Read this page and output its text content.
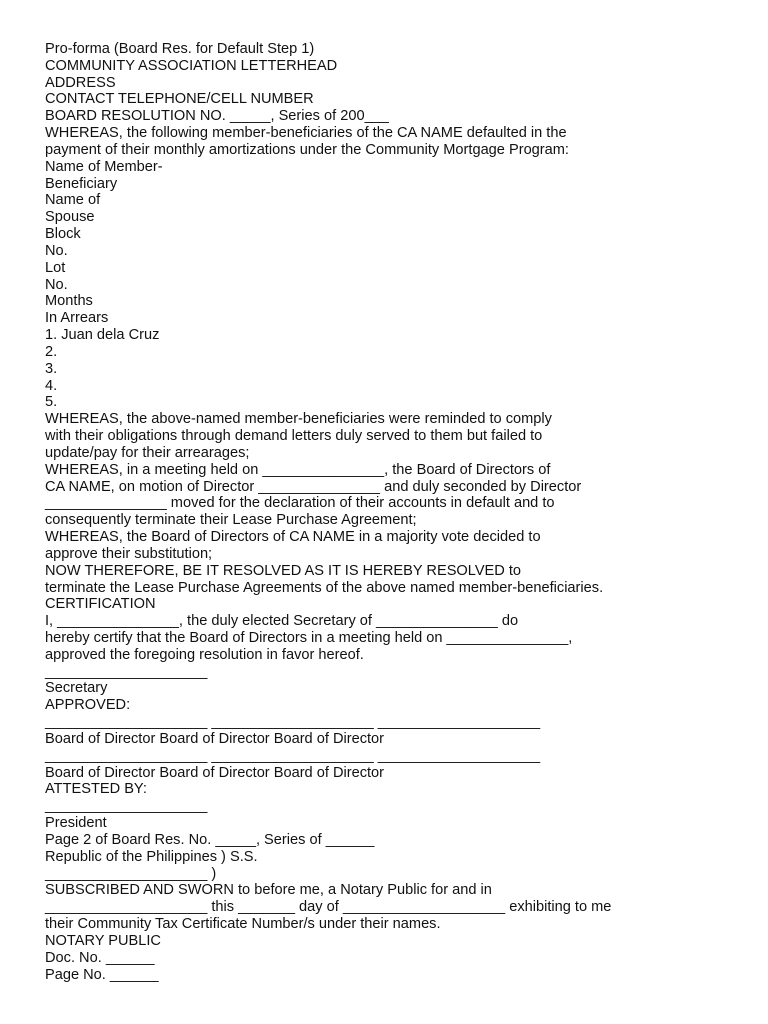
Pro-forma (Board Res. for Default Step 1)
COMMUNITY ASSOCIATION LETTERHEAD
ADDRESS
CONTACT TELEPHONE/CELL NUMBER
BOARD RESOLUTION NO. _____, Series of 200___
WHEREAS, the following member-beneficiaries of the CA NAME defaulted in the
payment of their monthly amortizations under the Community Mortgage Program:
Name of Member-
Beneficiary
Name of
Spouse
Block
No.
Lot
No.
Months
In Arrears
1. Juan dela Cruz
2.
3.
4.
5.
WHEREAS, the above-named member-beneficiaries were reminded to comply
with their obligations through demand letters duly served to them but failed to
update/pay for their arrearages;
WHEREAS, in a meeting held on _______________, the Board of Directors of
CA NAME, on motion of Director _______________ and duly seconded by Director
_______________ moved for the declaration of their accounts in default and to
consequently terminate their Lease Purchase Agreement;
WHEREAS, the Board of Directors of CA NAME in a majority vote decided to
approve their substitution;
NOW THEREFORE, BE IT RESOLVED AS IT IS HEREBY RESOLVED to
terminate the Lease Purchase Agreements of the above named member-beneficiaries.
CERTIFICATION
I, _______________, the duly elected Secretary of _______________ do
hereby certify that the Board of Directors in a meeting held on _______________,
approved the foregoing resolution in favor hereof.
____________________
Secretary
APPROVED:
____________________ ____________________ ____________________
Board of Director Board of Director Board of Director
____________________ ____________________ ____________________
Board of Director Board of Director Board of Director
ATTESTED BY:
____________________
President
Page 2 of Board Res. No. _____, Series of ______
Republic of the Philippines ) S.S.
____________________ )
SUBSCRIBED AND SWORN to before me, a Notary Public for and in
____________________ this _______ day of ____________________ exhibiting to me
their Community Tax Certificate Number/s under their names.
NOTARY PUBLIC
Doc. No. ______
Page No. ______
